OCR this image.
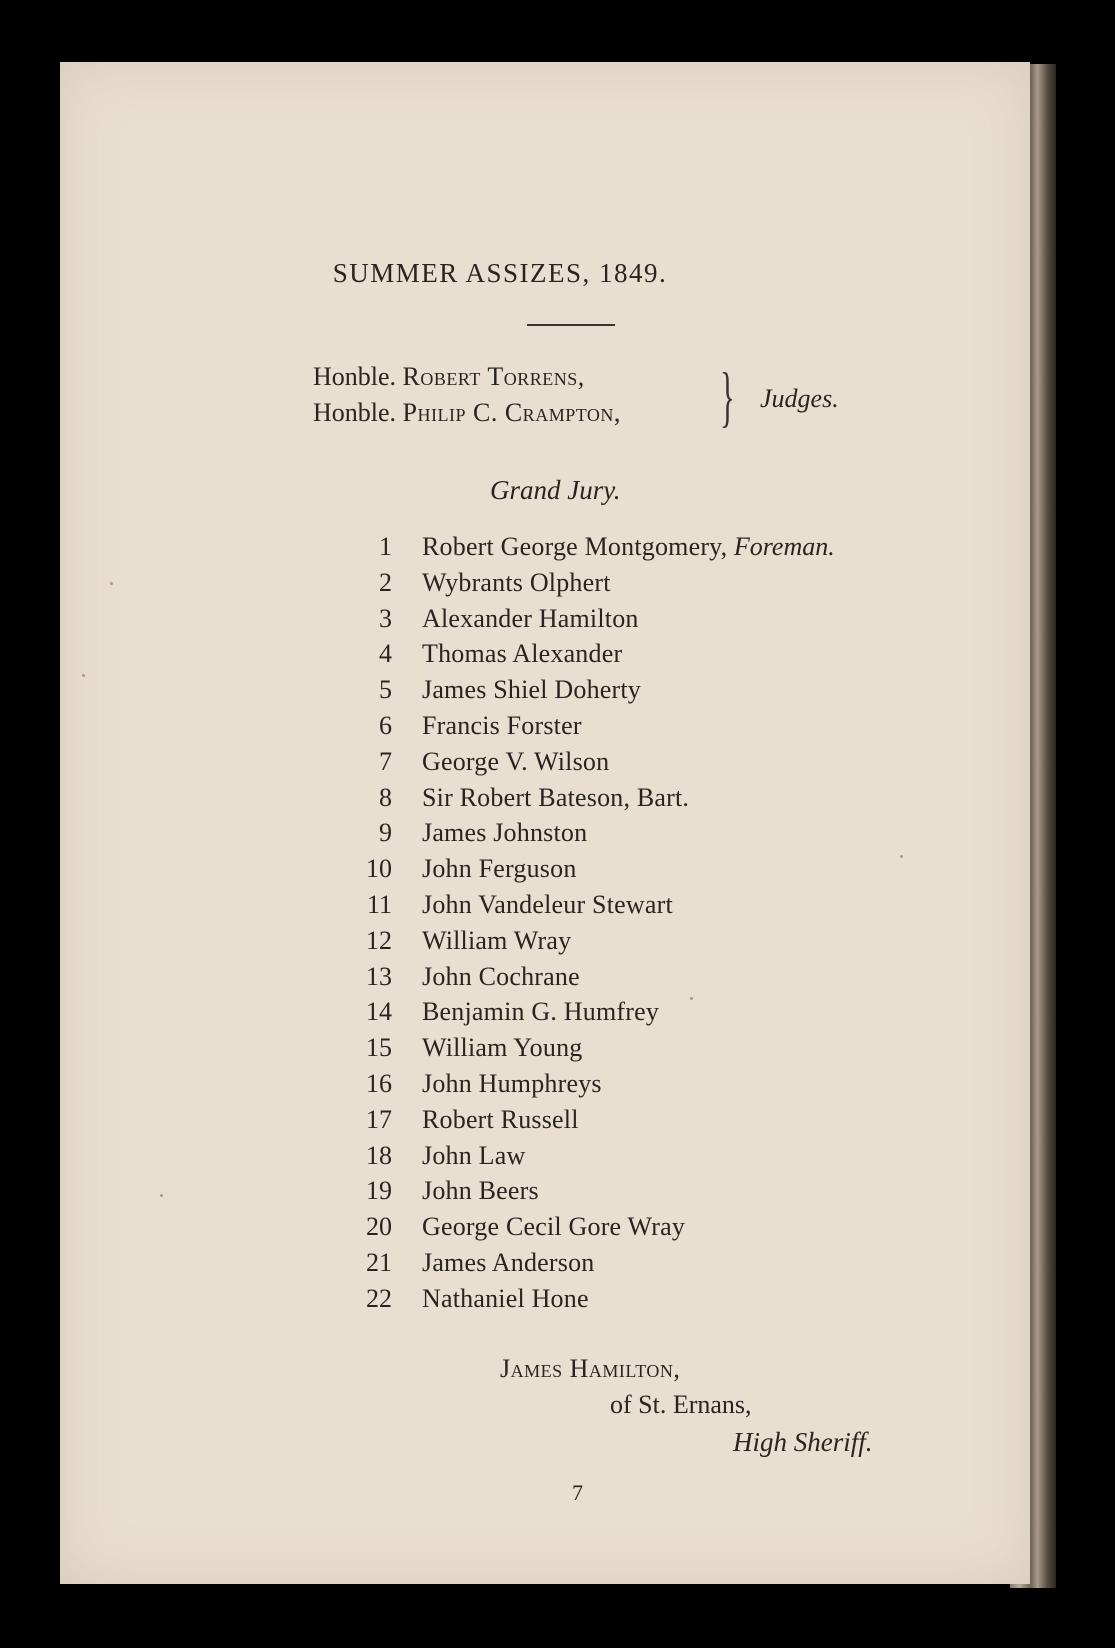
SUMMER ASSIZES, 1849.
Honble. Robert Torrens,
Honble. Philip C. Crampton, } Judges.
Grand Jury.
1 Robert George Montgomery, Foreman.
2 Wybrants Olphert
3 Alexander Hamilton
4 Thomas Alexander
5 James Shiel Doherty
6 Francis Forster
7 George V. Wilson
8 Sir Robert Bateson, Bart.
9 James Johnston
10 John Ferguson
11 John Vandeleur Stewart
12 William Wray
13 John Cochrane
14 Benjamin G. Humfrey
15 William Young
16 John Humphreys
17 Robert Russell
18 John Law
19 John Beers
20 George Cecil Gore Wray
21 James Anderson
22 Nathaniel Hone
James Hamilton,
of St. Ernans,
High Sheriff.
7
